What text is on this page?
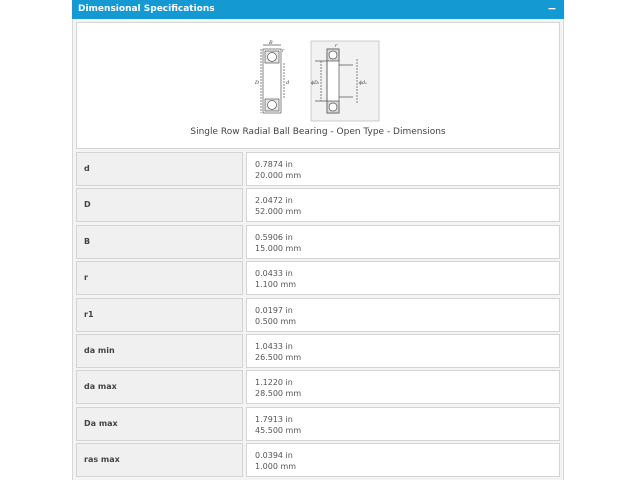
Dimensional Specifications	−
B
r
D	d
r
ϕDₐ	ϕdₐ
Single Row Radial Ball Bearing - Open Type - Dimensions
d	0.7874 in
20.000 mm
D	2.0472 in
52.000 mm
B	0.5906 in
15.000 mm
r	0.0433 in
1.100 mm
r1	0.0197 in
0.500 mm
da min	1.0433 in
26.500 mm
da max	1.1220 in
28.500 mm
Da max	1.7913 in
45.500 mm
ras max	0.0394 in
1.000 mm
